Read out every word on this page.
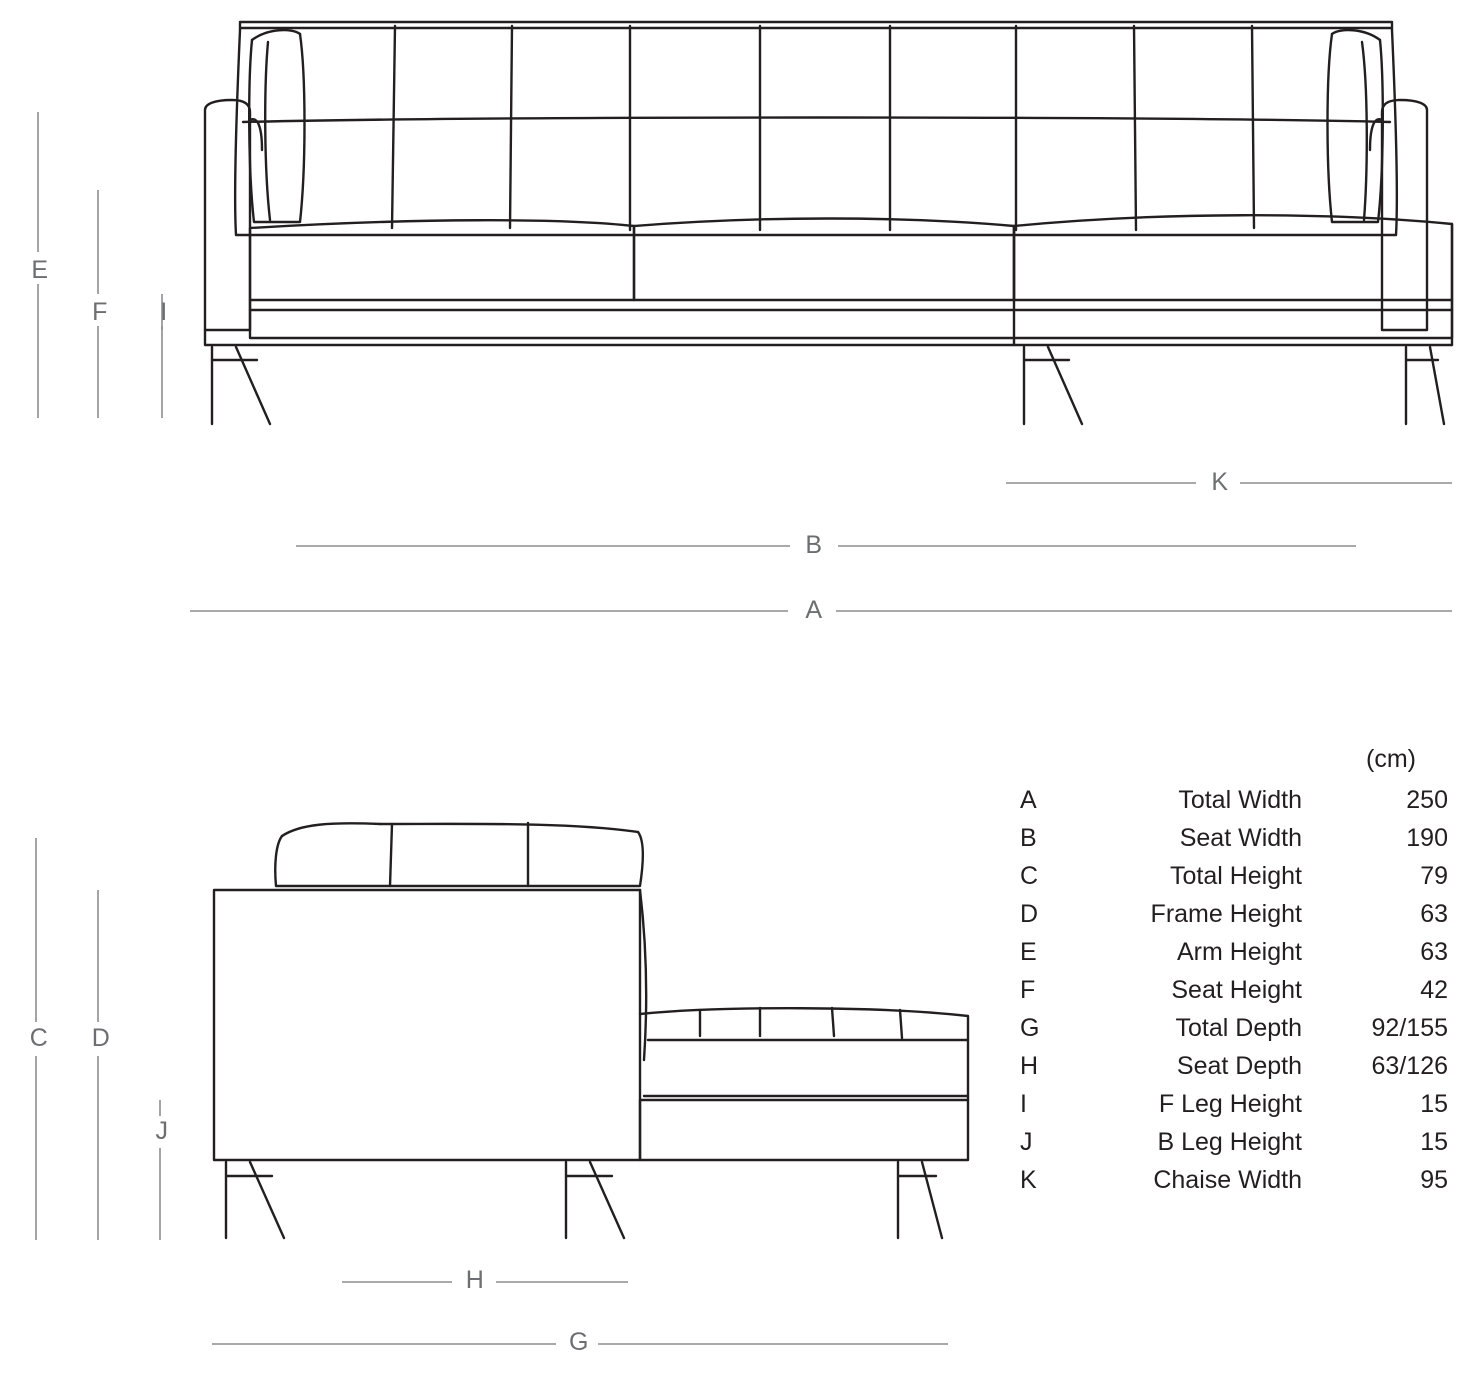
E
F	I
K
B
A
C D
J
H
G
(cm)
A	Total Width	250
B	Seat Width	190
C	Total Height	79
D	Frame Height	63
E	Arm Height	63
F	Seat Height	42
G	Total Depth	92/155
H	Seat Depth	63/126
I	F Leg Height	15
J	B Leg Height	15
K	Chaise Width	95
